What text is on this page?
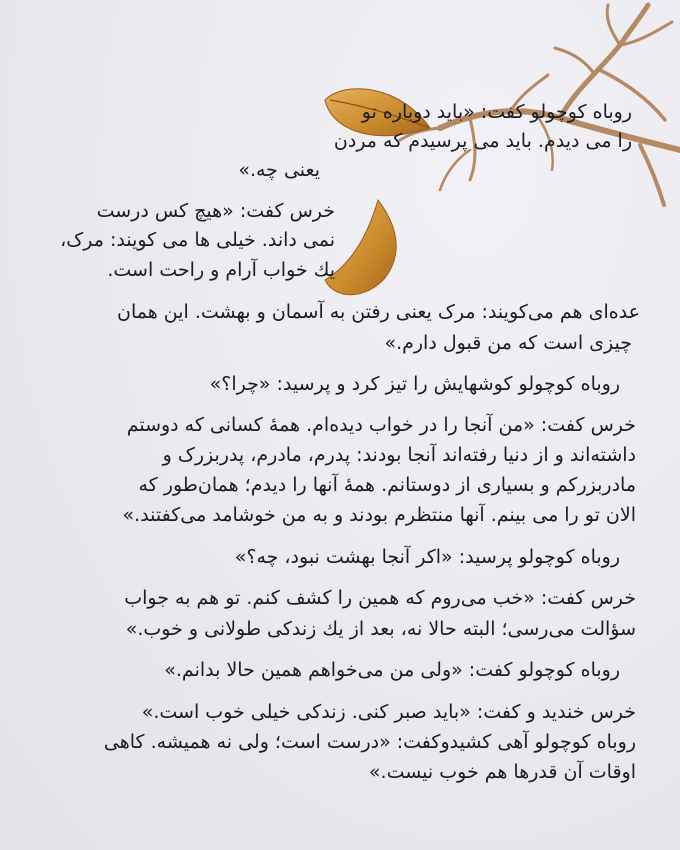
روباه کوچولو کفت: «باید دوباره تو
را می دیدم. باید می پرسیدم که مردن
یعنی چه.»
خرس کفت: «هیچ کس درست
نمی داند. خیلی ها می کویند: مرک،
یك خواب آرام و راحت است.
عده‌ای هم می‌کویند: مرک یعنی رفتن به آسمان و بهشت. این همان
چیزی است که من قبول دارم.»
روباه کوچولو کوشهایش را تیز کرد و پرسید: «چرا؟»
خرس کفت: «من آنجا را در خواب دیده‌ام. همهٔ کسانی که دوستم
داشته‌اند و از دنیا رفته‌اند آنجا بودند: پدرم، مادرم، پدربزرک و
مادربزرکم و بسیاری از دوستانم. همهٔ آنها را دیدم؛ همان‌طور که
الان تو را می بینم. آنها منتظرم بودند و به من خوشامد می‌کفتند.»
روباه کوچولو پرسید: «اکر آنجا بهشت نبود، چه؟»
خرس کفت: «خب می‌روم که همین را کشف کنم. تو هم به جواب
سؤالت می‌رسی؛ البته حالا نه، بعد از یك زندکی طولانی و خوب.»
روباه کوچولو کفت: «ولی من می‌خواهم همین حالا بدانم.»
خرس خندید و کفت: «باید صبر کنی. زندکی خیلی خوب است.»
روباه کوچولو آهی کشیدوکفت: «درست است؛ ولی نه همیشه. کاهی
اوقات آن قدرها هم خوب نیست.»
